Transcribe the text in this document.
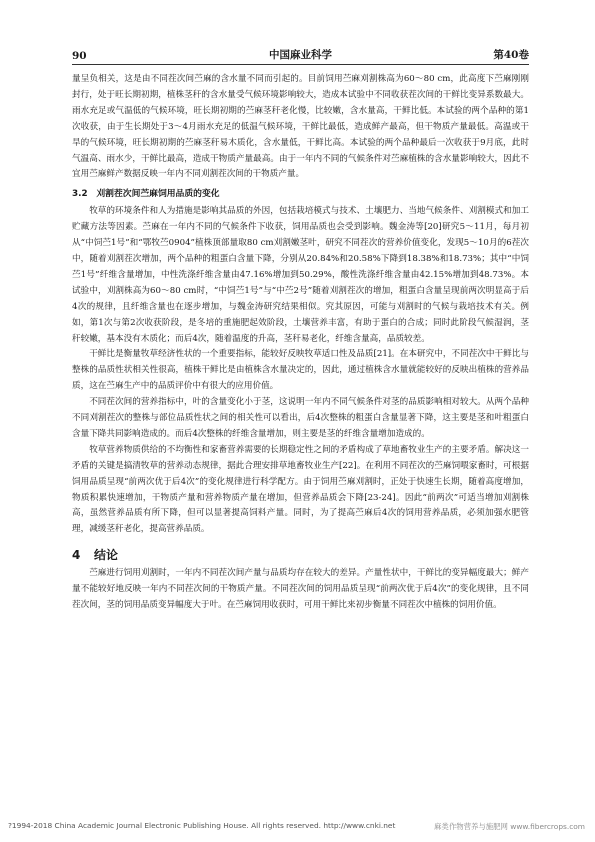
90	中国麻业科学	第40卷

量呈负相关，这是由不同茬次间苎麻的含水量不同而引起的。目前饲用苎麻刈割株高为60～80 cm，此高度下苎麻刚刚封行，处于旺长期初期，植株茎秆的含水量受气候环境影响较大，造成本试验中不同收获茬次间的干鲜比变异系数最大。雨水充足或气温低的气候环境，旺长期初期的苎麻茎秆老化慢，比较嫩，含水量高，干鲜比低。本试验的两个品种的第1次收获，由于生长期处于3～4月雨水充足的低温气候环境，干鲜比最低，造成鲜产最高，但干物质产量最低。高温或干旱的气候环境，旺长期初期的苎麻茎秆易木质化，含水量低，干鲜比高。本试验的两个品种最后一次收获于9月底，此时气温高、雨水少，干鲜比最高，造成干物质产量最高。由于一年内不同的气候条件对苎麻植株的含水量影响较大，因此不宜用苎麻鲜产数据反映一年内不同刈割茬次间的干物质产量。

3.2　刈割茬次间苎麻饲用品质的变化

牧草的环境条件和人为措施是影响其品质的外因，包括栽培模式与技术、土壤肥力、当地气候条件、刈割模式和加工贮藏方法等因素。苎麻在一年内不同的气候条件下收获，饲用品质也会受到影响。魏金涛等[20]研究5～11月，每月初从“中饲苎1号”和“鄂牧苎0904”植株顶部量取80 cm刈割嫩茎叶，研究不同茬次的营养价值变化，发现5～10月的6茬次中，随着刈割茬次增加，两个品种的粗蛋白含量下降，分别从20.84%和20.58%下降到18.38%和18.73%；其中“中饲苎1号”纤维含量增加，中性洗涤纤维含量由47.16%增加到50.29%，酸性洗涤纤维含量由42.15%增加到48.73%。本试验中，刈割株高为60～80 cm时，“中饲苎1号”与“中苎2号”随着刈割茬次的增加，粗蛋白含量呈现前两次明显高于后4次的规律，且纤维含量也在逐步增加，与魏金涛研究结果相似。究其原因，可能与刈割时的气候与栽培技术有关。例如，第1次与第2次收获阶段，是冬培的重施肥起效阶段，土壤营养丰富，有助于蛋白的合成；同时此阶段气候湿润，茎秆较嫩，基本没有木质化；而后4次，随着温度的升高，茎秆易老化，纤维含量高，品质较差。

干鲜比是衡量牧草经济性状的一个重要指标，能较好反映牧草适口性及品质[21]。在本研究中，不同茬次中干鲜比与整株的品质性状相关性很高，植株干鲜比是由植株含水量决定的，因此，通过植株含水量就能较好的反映出植株的营养品质，这在苎麻生产中的品质评价中有很大的应用价值。

不同茬次间的营养指标中，叶的含量变化小于茎，这说明一年内不同气候条件对茎的品质影响相对较大。从两个品种不同刈割茬次的整株与部位品质性状之间的相关性可以看出，后4次整株的粗蛋白含量显著下降，这主要是茎和叶粗蛋白含量下降共同影响造成的。而后4次整株的纤维含量增加，则主要是茎的纤维含量增加造成的。

牧草营养物质供给的不均衡性和家畜营养需要的长期稳定性之间的矛盾构成了草地畜牧业生产的主要矛盾。解决这一矛盾的关键是搞清牧草的营养动态规律，据此合理安排草地畜牧业生产[22]。在利用不同茬次的苎麻饲喂家畜时，可根据饲用品质呈现“前两次优于后4次”的变化规律进行科学配方。由于饲用苎麻刈割时，正处于快速生长期，随着高度增加，物质积累快速增加，干物质产量和营养物质产量在增加，但营养品质会下降[23-24]。因此“前两次”可适当增加刈割株高，虽然营养品质有所下降，但可以显著提高饲料产量。同时，为了提高苎麻后4次的饲用营养品质，必须加强水肥管理，减缓茎秆老化，提高营养品质。

4 结论

苎麻进行饲用刈割时，一年内不同茬次间产量与品质均存在较大的差异。产量性状中，干鲜比的变异幅度最大；鲜产量不能较好地反映一年内不同茬次间的干物质产量。不同茬次间的饲用品质呈现“前两次优于后4次”的变化规律，且不同茬次间，茎的饲用品质变异幅度大于叶。在苎麻饲用收获时，可用干鲜比来初步衡量不同茬次中植株的饲用价值。

?1994-2018 China Academic Journal Electronic Publishing House. All rights reserved. http://www.cnki.net	麻类作物营养与施肥网 www.fibercrops.com
